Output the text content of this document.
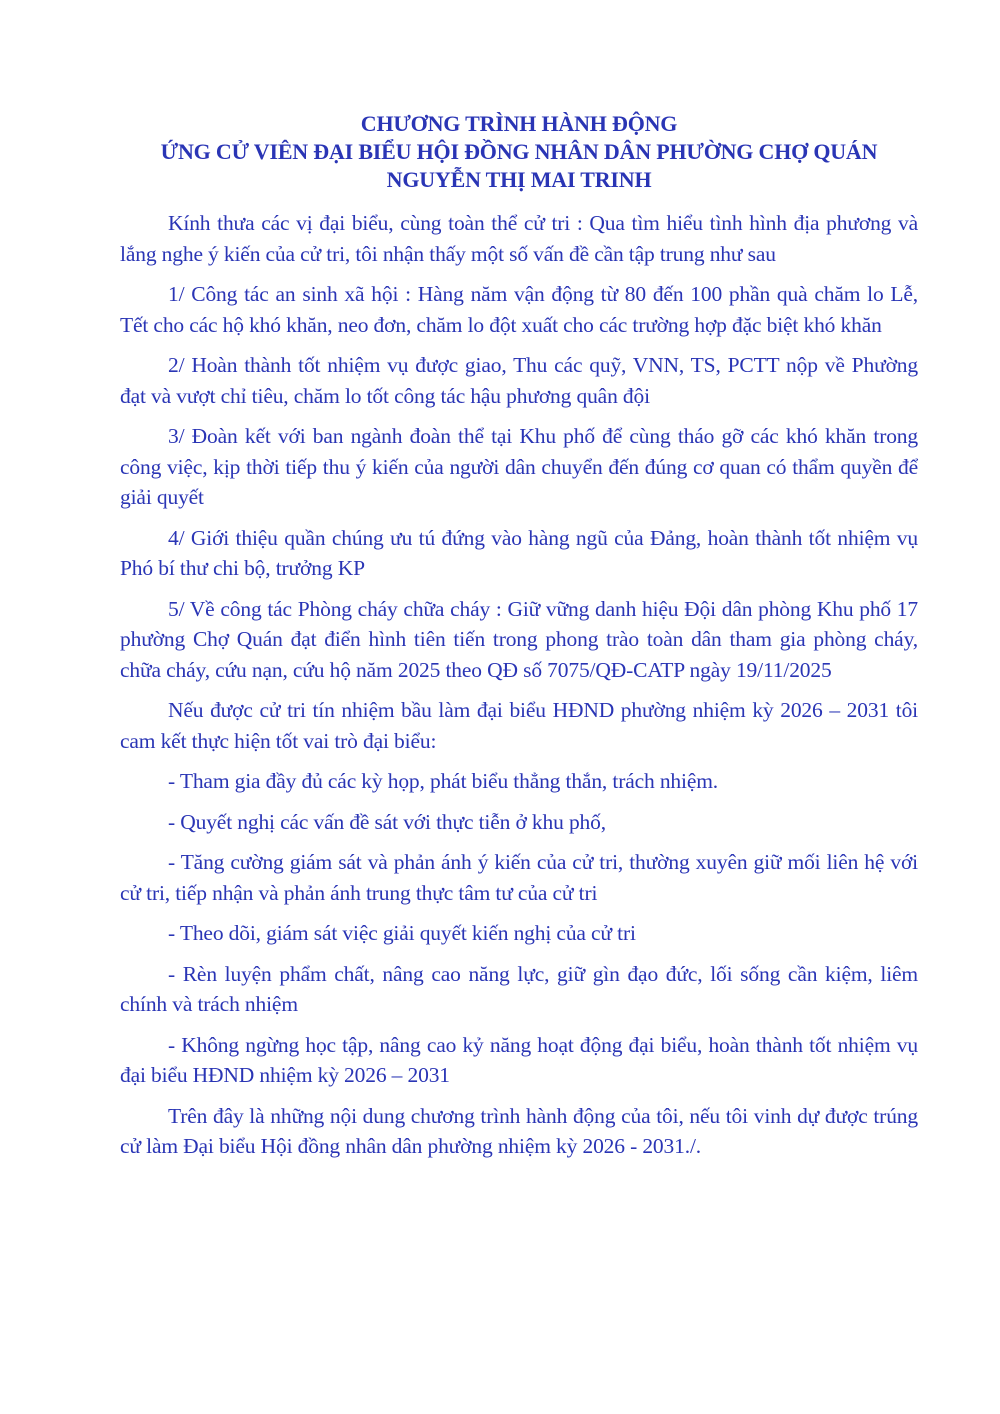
CHƯƠNG TRÌNH HÀNH ĐỘNG
ỨNG CỬ VIÊN ĐẠI BIỂU HỘI ĐỒNG NHÂN DÂN PHƯỜNG CHỢ QUÁN
NGUYỄN THỊ MAI TRINH

Kính thưa các vị đại biểu, cùng toàn thể cử tri : Qua tìm hiểu tình hình địa phương và lắng nghe ý kiến của cử tri, tôi nhận thấy một số vấn đề cần tập trung như sau

1/ Công tác an sinh xã hội : Hàng năm vận động từ 80 đến 100 phần quà chăm lo Lễ, Tết cho các hộ khó khăn, neo đơn, chăm lo đột xuất cho các trường hợp đặc biệt khó khăn

2/ Hoàn thành tốt nhiệm vụ được giao, Thu các quỹ, VNN, TS, PCTT nộp về Phường đạt và vượt chỉ tiêu, chăm lo tốt công tác hậu phương quân đội

3/ Đoàn kết với ban ngành đoàn thể tại Khu phố để cùng tháo gỡ các khó khăn trong công việc, kịp thời tiếp thu ý kiến của người dân chuyển đến đúng cơ quan có thẩm quyền để giải quyết

4/ Giới thiệu quần chúng ưu tú đứng vào hàng ngũ của Đảng, hoàn thành tốt nhiệm vụ Phó bí thư chi bộ, trưởng KP

5/ Về công tác Phòng cháy chữa cháy : Giữ vững danh hiệu Đội dân phòng Khu phố 17 phường Chợ Quán đạt điển hình tiên tiến trong phong trào toàn dân tham gia phòng cháy, chữa cháy, cứu nạn, cứu hộ năm 2025 theo QĐ số 7075/QĐ-CATP ngày 19/11/2025

Nếu được cử tri tín nhiệm bầu làm đại biểu HĐND phường nhiệm kỳ 2026 – 2031 tôi cam kết thực hiện tốt vai trò đại biểu:

- Tham gia đầy đủ các kỳ họp, phát biểu thẳng thắn, trách nhiệm.

- Quyết nghị các vấn đề sát với thực tiễn ở khu phố,

- Tăng cường giám sát và phản ánh ý kiến của cử tri, thường xuyên giữ mối liên hệ với cử tri, tiếp nhận và phản ánh trung thực tâm tư của cử tri

- Theo dõi, giám sát việc giải quyết kiến nghị của cử tri

- Rèn luyện phẩm chất, nâng cao năng lực, giữ gìn đạo đức, lối sống cần kiệm, liêm chính và trách nhiệm

- Không ngừng học tập, nâng cao kỷ năng hoạt động đại biểu, hoàn thành tốt nhiệm vụ đại biểu HĐND nhiệm kỳ 2026 – 2031

Trên đây là những nội dung chương trình hành động của tôi, nếu tôi vinh dự được trúng cử làm Đại biểu Hội đồng nhân dân phường nhiệm kỳ 2026 - 2031./.
